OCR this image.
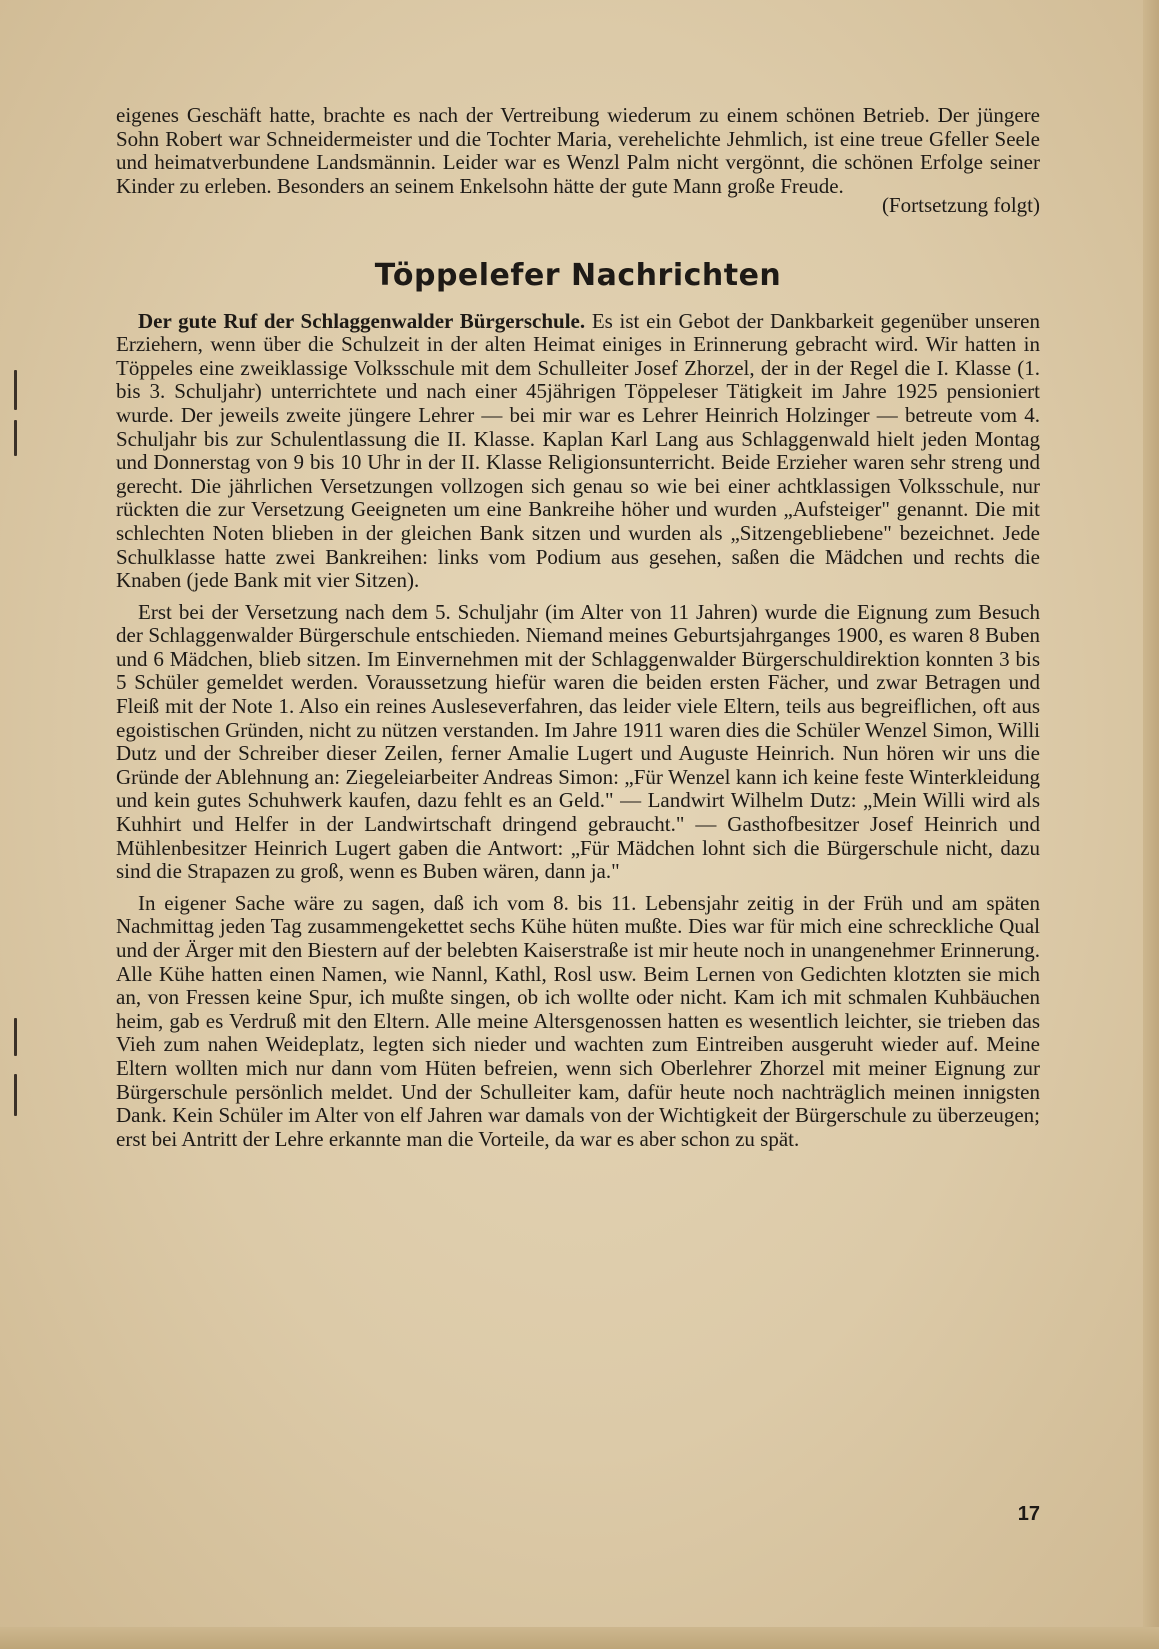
eigenes Geschäft hatte, brachte es nach der Vertreibung wiederum zu einem schönen Betrieb. Der jüngere Sohn Robert war Schneidermeister und die Tochter Maria, verehelichte Jehmlich, ist eine treue Gfeller Seele und heimatverbundene Landsmännin. Leider war es Wenzl Palm nicht vergönnt, die schönen Erfolge seiner Kinder zu erleben. Besonders an seinem Enkelsohn hätte der gute Mann große Freude.

(Fortsetzung folgt)

Töppelefer Nachrichten

Der gute Ruf der Schlaggenwalder Bürgerschule. Es ist ein Gebot der Dankbarkeit gegenüber unseren Erziehern, wenn über die Schulzeit in der alten Heimat einiges in Erinnerung gebracht wird. Wir hatten in Töppeles eine zweiklassige Volksschule mit dem Schulleiter Josef Zhorzel, der in der Regel die I. Klasse (1. bis 3. Schuljahr) unterrichtete und nach einer 45jährigen Töppeleser Tätigkeit im Jahre 1925 pensioniert wurde. Der jeweils zweite jüngere Lehrer — bei mir war es Lehrer Heinrich Holzinger — betreute vom 4. Schuljahr bis zur Schulentlassung die II. Klasse. Kaplan Karl Lang aus Schlaggenwald hielt jeden Montag und Donnerstag von 9 bis 10 Uhr in der II. Klasse Religionsunterricht. Beide Erzieher waren sehr streng und gerecht. Die jährlichen Versetzungen vollzogen sich genau so wie bei einer achtklassigen Volksschule, nur rückten die zur Versetzung Geeigneten um eine Bankreihe höher und wurden „Aufsteiger" genannt. Die mit schlechten Noten blieben in der gleichen Bank sitzen und wurden als „Sitzengebliebene" bezeichnet. Jede Schulklasse hatte zwei Bankreihen: links vom Podium aus gesehen, saßen die Mädchen und rechts die Knaben (jede Bank mit vier Sitzen).

Erst bei der Versetzung nach dem 5. Schuljahr (im Alter von 11 Jahren) wurde die Eignung zum Besuch der Schlaggenwalder Bürgerschule entschieden. Niemand meines Geburtsjahrganges 1900, es waren 8 Buben und 6 Mädchen, blieb sitzen. Im Einvernehmen mit der Schlaggenwalder Bürgerschuldirektion konnten 3 bis 5 Schüler gemeldet werden. Voraussetzung hiefür waren die beiden ersten Fächer, und zwar Betragen und Fleiß mit der Note 1. Also ein reines Ausleseverfahren, das leider viele Eltern, teils aus begreiflichen, oft aus egoistischen Gründen, nicht zu nützen verstanden. Im Jahre 1911 waren dies die Schüler Wenzel Simon, Willi Dutz und der Schreiber dieser Zeilen, ferner Amalie Lugert und Auguste Heinrich. Nun hören wir uns die Gründe der Ablehnung an: Ziegeleiarbeiter Andreas Simon: „Für Wenzel kann ich keine feste Winterkleidung und kein gutes Schuhwerk kaufen, dazu fehlt es an Geld." — Landwirt Wilhelm Dutz: „Mein Willi wird als Kuhhirt und Helfer in der Landwirtschaft dringend gebraucht." — Gasthofbesitzer Josef Heinrich und Mühlenbesitzer Heinrich Lugert gaben die Antwort: „Für Mädchen lohnt sich die Bürgerschule nicht, dazu sind die Strapazen zu groß, wenn es Buben wären, dann ja."

In eigener Sache wäre zu sagen, daß ich vom 8. bis 11. Lebensjahr zeitig in der Früh und am späten Nachmittag jeden Tag zusammengekettet sechs Kühe hüten mußte. Dies war für mich eine schreckliche Qual und der Ärger mit den Biestern auf der belebten Kaiserstraße ist mir heute noch in unangenehmer Erinnerung. Alle Kühe hatten einen Namen, wie Nannl, Kathl, Rosl usw. Beim Lernen von Gedichten klotzten sie mich an, von Fressen keine Spur, ich mußte singen, ob ich wollte oder nicht. Kam ich mit schmalen Kuhbäuchen heim, gab es Verdruß mit den Eltern. Alle meine Altersgenossen hatten es wesentlich leichter, sie trieben das Vieh zum nahen Weideplatz, legten sich nieder und wachten zum Eintreiben ausgeruht wieder auf. Meine Eltern wollten mich nur dann vom Hüten befreien, wenn sich Oberlehrer Zhorzel mit meiner Eignung zur Bürgerschule persönlich meldet. Und der Schulleiter kam, dafür heute noch nachträglich meinen innigsten Dank. Kein Schüler im Alter von elf Jahren war damals von der Wichtigkeit der Bürgerschule zu überzeugen; erst bei Antritt der Lehre erkannte man die Vorteile, da war es aber schon zu spät.

17
